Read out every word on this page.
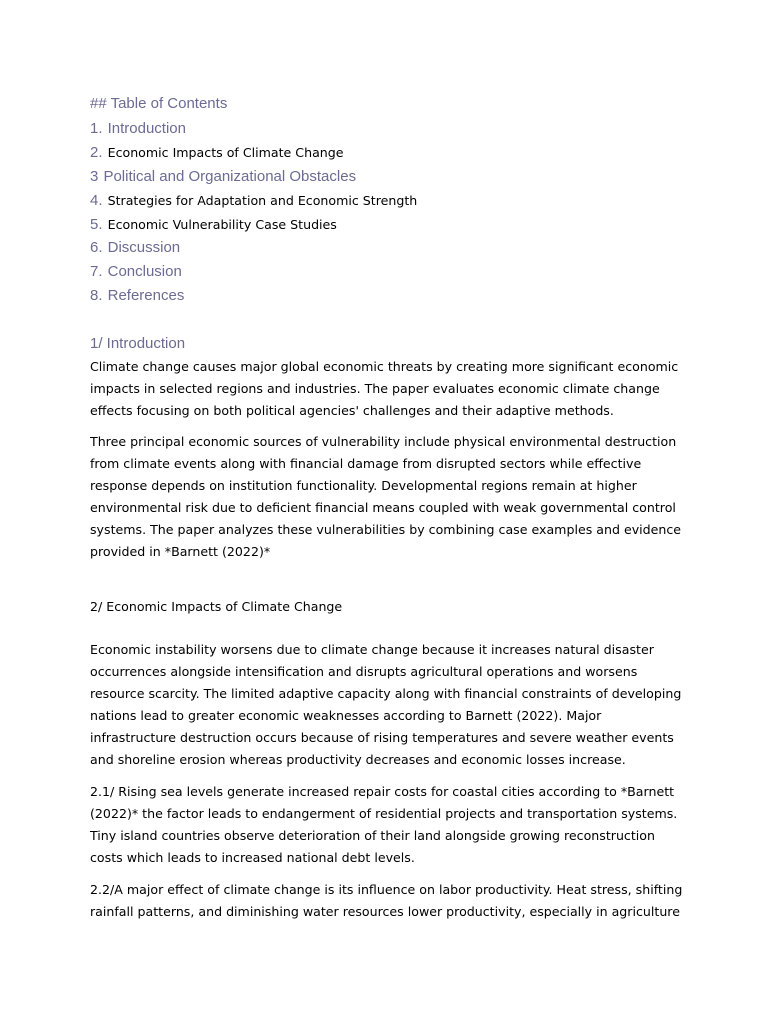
## Table of Contents
1. Introduction
2. Economic Impacts of Climate Change
3 Political and Organizational Obstacles
4. Strategies for Adaptation and Economic Strength
5. Economic Vulnerability Case Studies
6. Discussion
7. Conclusion
8. References
1/ Introduction

Climate change causes major global economic threats by creating more significant economic impacts in selected regions and industries. The paper evaluates economic climate change effects focusing on both political agencies' challenges and their adaptive methods.

Three principal economic sources of vulnerability include physical environmental destruction from climate events along with financial damage from disrupted sectors while effective response depends on institution functionality. Developmental regions remain at higher environmental risk due to deficient financial means coupled with weak governmental control systems. The paper analyzes these vulnerabilities by combining case examples and evidence provided in *Barnett (2022)*

2/ Economic Impacts of Climate Change

Economic instability worsens due to climate change because it increases natural disaster occurrences alongside intensification and disrupts agricultural operations and worsens resource scarcity. The limited adaptive capacity along with financial constraints of developing nations lead to greater economic weaknesses according to Barnett (2022). Major infrastructure destruction occurs because of rising temperatures and severe weather events and shoreline erosion whereas productivity decreases and economic losses increase.

2.1/ Rising sea levels generate increased repair costs for coastal cities according to *Barnett (2022)* the factor leads to endangerment of residential projects and transportation systems. Tiny island countries observe deterioration of their land alongside growing reconstruction costs which leads to increased national debt levels.

2.2/A major effect of climate change is its influence on labor productivity. Heat stress, shifting rainfall patterns, and diminishing water resources lower productivity, especially in agriculture
